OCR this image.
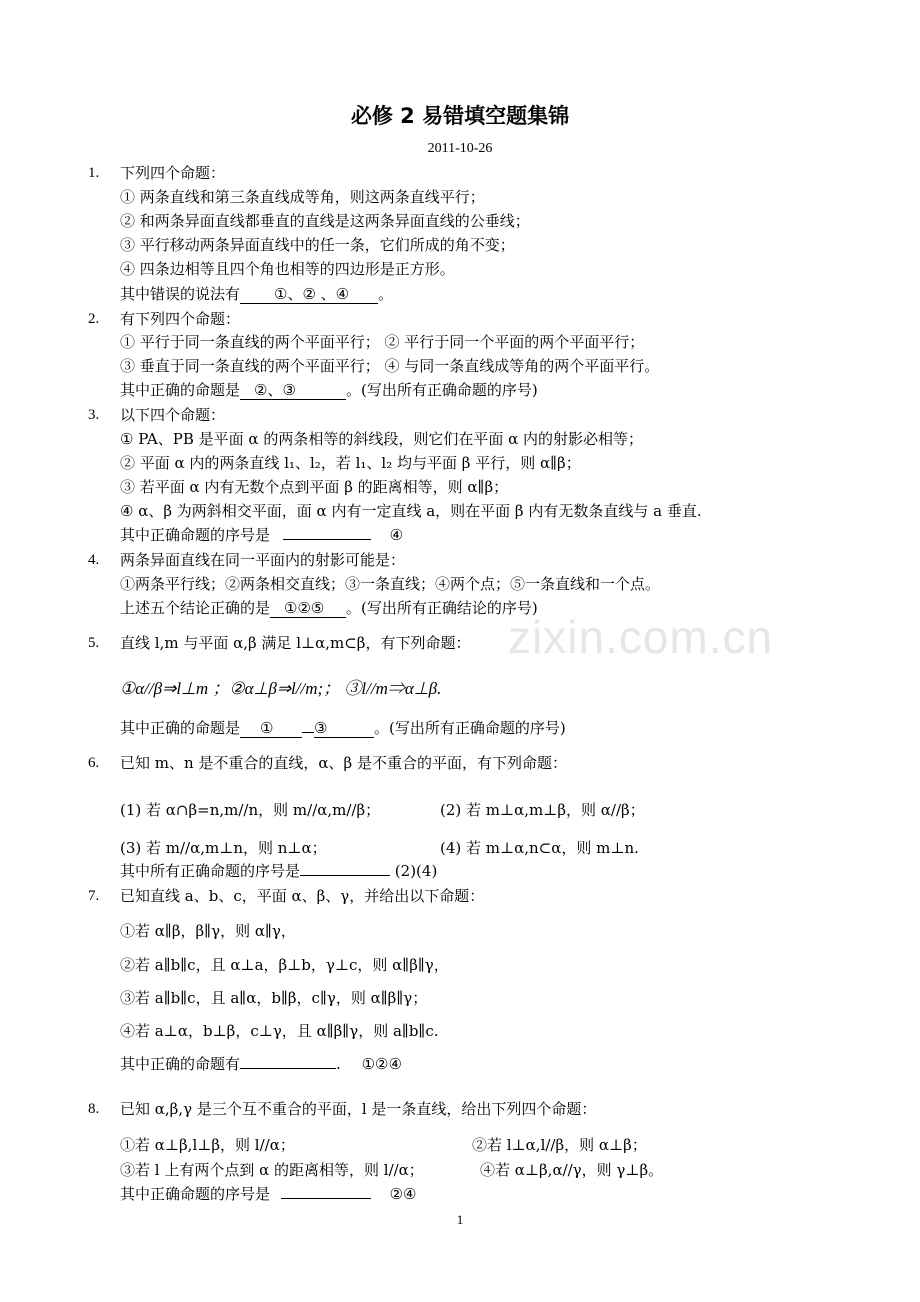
zixin.com.cn
必修 2 易错填空题集锦
2011-10-26
1. 下列四个命题：
① 两条直线和第三条直线成等角，则这两条直线平行；
② 和两条异面直线都垂直的直线是这两条异面直线的公垂线；
③ 平行移动两条异面直线中的任一条，它们所成的角不变；
④ 四条边相等且四个角也相等的四边形是正方形。
其中错误的说法有 ①、② 、④ 。
2. 有下列四个命题：
① 平行于同一条直线的两个平面平行； ② 平行于同一个平面的两个平面平行；
③ 垂直于同一条直线的两个平面平行； ④ 与同一条直线成等角的两个平面平行。
其中正确的命题是 ②、③	。(写出所有正确命题的序号)
3. 以下四个命题：
① PA、PB 是平面 α 的两条相等的斜线段，则它们在平面 α 内的射影必相等；
② 平面 α 内的两条直线 l₁、l₂，若 l₁、l₂ 均与平面 β 平行，则 α∥β；
③ 若平面 α 内有无数个点到平面 β 的距离相等，则 α∥β；
④ α、β 为两斜相交平面，面 α 内有一定直线 a，则在平面 β 内有无数条直线与 a 垂直.
其中正确命题的序号是	④
4. 两条异面直线在同一平面内的射影可能是：
①两条平行线；②两条相交直线；③一条直线；④两个点；⑤一条直线和一个点。
上述五个结论正确的是 ①②⑤ 。(写出所有正确结论的序号)
5. 直线 l,m 与平面 α,β 满足 l⊥α,m⊂β，有下列命题：
①α//β⇒l⊥m ；②α⊥β⇒l//m;； ③l//m⇒α⊥β.
其中正确的命题是 ①	③	。(写出所有正确命题的序号)
6. 已知 m、n 是不重合的直线，α、β 是不重合的平面，有下列命题：
(1) 若 α∩β=n,m//n，则 m//α,m//β；	(2) 若 m⊥α,m⊥β，则 α//β；
(3) 若 m//α,m⊥n，则 n⊥α；	(4) 若 m⊥α,n⊂α，则 m⊥n.
其中所有正确命题的序号是	(2)(4)
7. 已知直线 a、b、c，平面 α、β、γ，并给出以下命题：
①若 α∥β，β∥γ，则 α∥γ，
②若 a∥b∥c，且 α⊥a，β⊥b，γ⊥c，则 α∥β∥γ，
③若 a∥b∥c，且 a∥α，b∥β，c∥γ，则 α∥β∥γ；
④若 a⊥α，b⊥β，c⊥γ，且 α∥β∥γ，则 a∥b∥c.
其中正确的命题有	. ①②④
8. 已知 α,β,γ 是三个互不重合的平面，l 是一条直线，给出下列四个命题：
①若 α⊥β,l⊥β，则 l//α；	②若 l⊥α,l//β，则 α⊥β；
③若 l 上有两个点到 α 的距离相等，则 l//α；	④若 α⊥β,α//γ，则 γ⊥β。
其中正确命题的序号是	②④
1
